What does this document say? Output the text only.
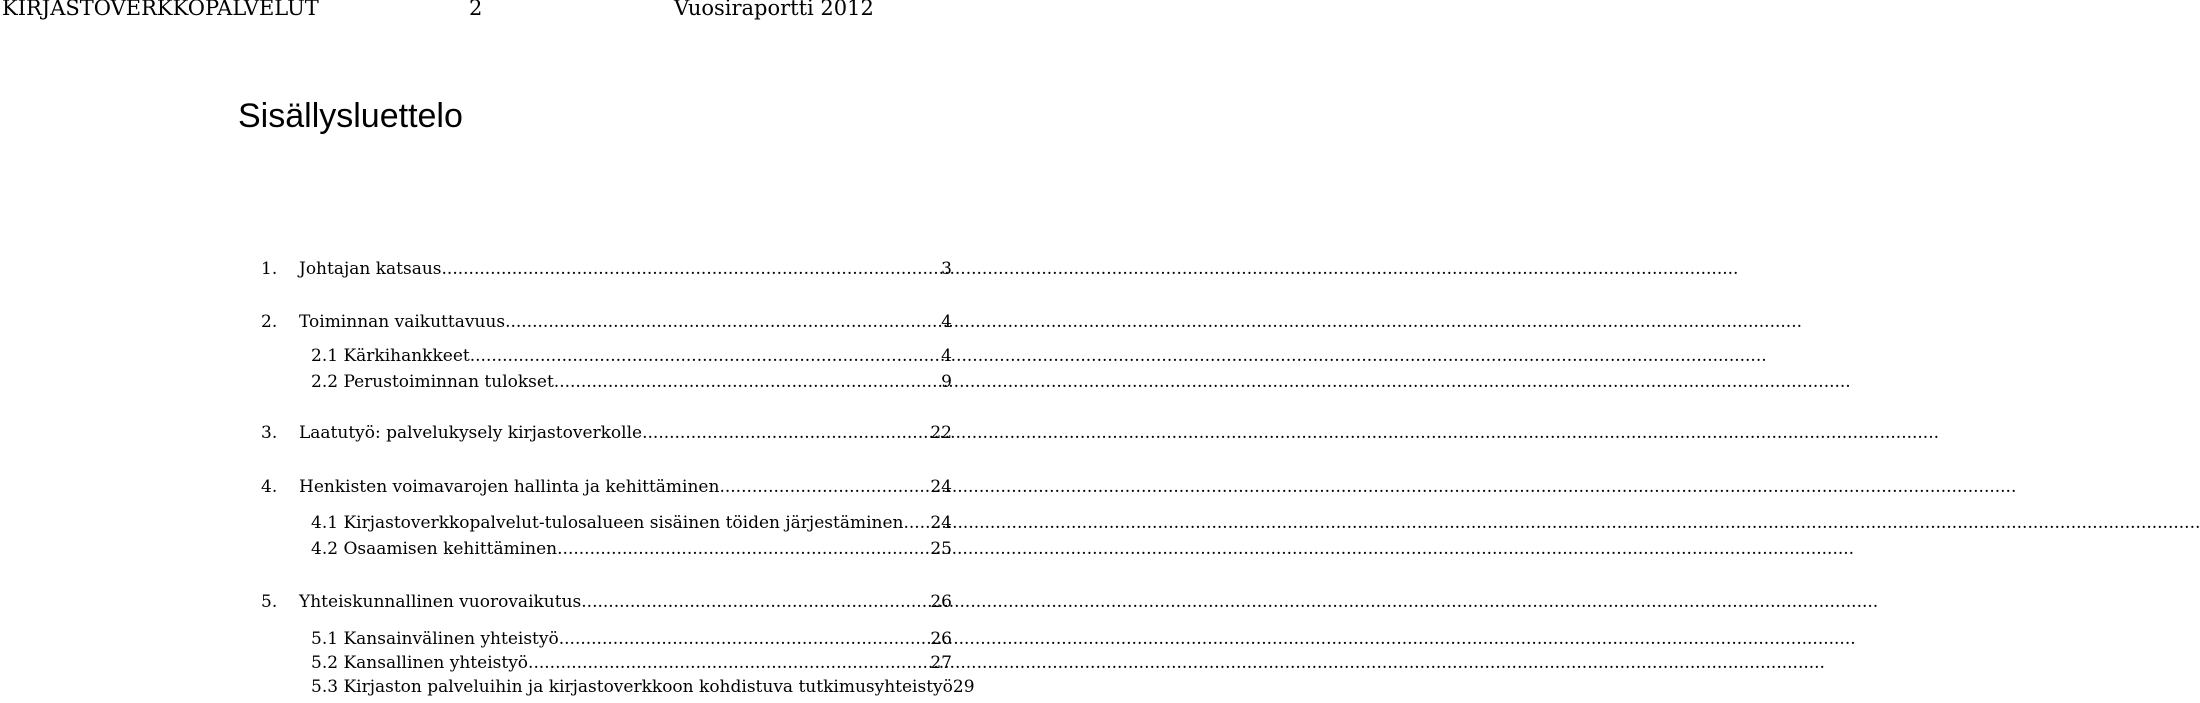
KIRJASTOVERKKOPALVELUT	2	Vuosiraportti 2012
Sisällysluettelo
1.	Johtajan katsaus .....	3
2.	Toiminnan vaikuttavuus .....	4
2.1 Kärkihankkeet .....	4
2.2 Perustoiminnan tulokset .....	9
3.	Laatutyö: palvelukysely kirjastoverkolle .....	22
4.	Henkisten voimavarojen hallinta ja kehittäminen .....	24
4.1 Kirjastoverkkopalvelut-tulosalueen sisäinen töiden järjestäminen ..... 24
4.2 Osaamisen kehittäminen .....	25
5.	Yhteiskunnallinen vuorovaikutus .....	26
5.1 Kansainvälinen yhteistyö .....	26
5.2 Kansallinen yhteistyö .....	27
5.3 Kirjaston palveluihin ja kirjastoverkkoon kohdistuva tutkimusyhteistyö 29
